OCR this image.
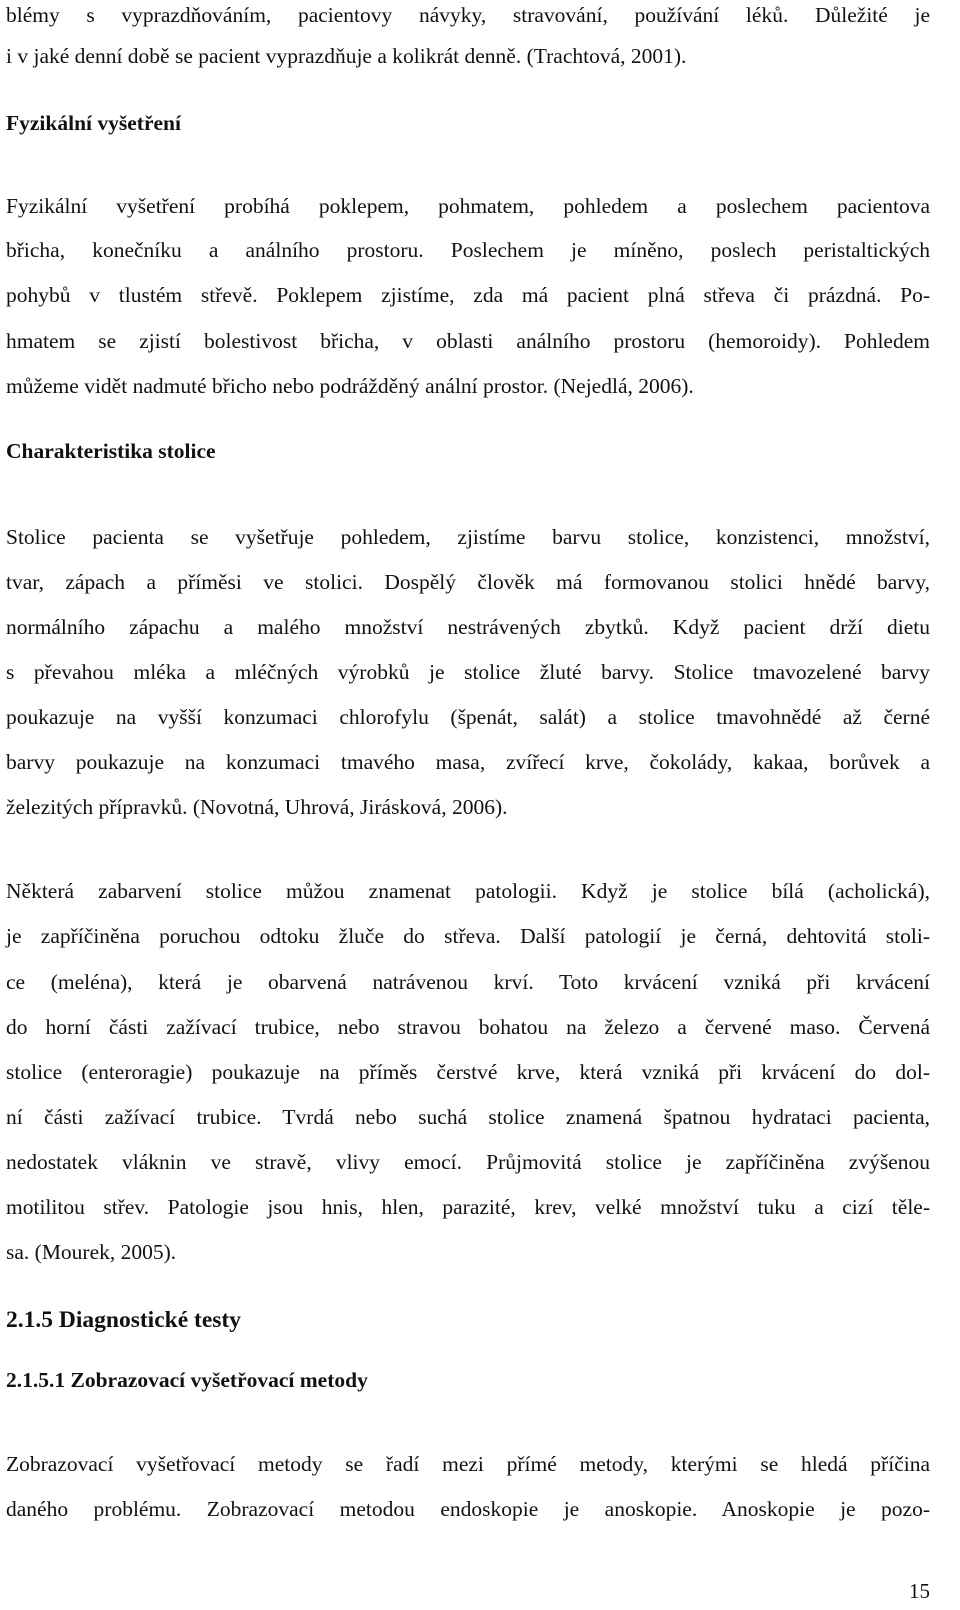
blémy s vyprazdňováním, pacientovy návyky, stravování, používání léků. Důležité je
i v jaké denní době se pacient vyprazdňuje a kolikrát denně. (Trachtová, 2001).
Fyzikální vyšetření
Fyzikální vyšetření probíhá poklepem, pohmatem, pohledem a poslechem pacientova
břicha, konečníku a análního prostoru. Poslechem je míněno, poslech peristaltických
pohybů v tlustém střevě. Poklepem zjistíme, zda má pacient plná střeva či prázdná. Po-
hmatem se zjistí bolestivost břicha, v oblasti análního prostoru (hemoroidy). Pohledem
můžeme vidět nadmuté břicho nebo podrážděný anální prostor. (Nejedlá, 2006).
Charakteristika stolice
Stolice pacienta se vyšetřuje pohledem, zjistíme barvu stolice, konzistenci, množství,
tvar, zápach a příměsi ve stolici. Dospělý člověk má formovanou stolici hnědé barvy,
normálního zápachu a malého množství nestrávených zbytků. Když pacient drží dietu
s převahou mléka a mléčných výrobků je stolice žluté barvy. Stolice tmavozelené barvy
poukazuje na vyšší konzumaci chlorofylu (špenát, salát) a stolice tmavohnědé až černé
barvy poukazuje na konzumaci tmavého masa, zvířecí krve, čokolády, kakaa, borůvek a
železitých přípravků. (Novotná, Uhrová, Jirásková, 2006).
Některá zabarvení stolice můžou znamenat patologii. Když je stolice bílá (acholická),
je zapříčiněna poruchou odtoku žluče do střeva. Další patologií je černá, dehtovitá stoli-
ce (meléna), která je obarvená natrávenou krví. Toto krvácení vzniká při krvácení
do horní části zažívací trubice, nebo stravou bohatou na železo a červené maso. Červená
stolice (enteroragie) poukazuje na příměs čerstvé krve, která vzniká při krvácení do dol-
ní části zažívací trubice. Tvrdá nebo suchá stolice znamená špatnou hydrataci pacienta,
nedostatek vláknin ve stravě, vlivy emocí. Průjmovitá stolice je zapříčiněna zvýšenou
motilitou střev. Patologie jsou hnis, hlen, parazité, krev, velké množství tuku a cizí těle-
sa. (Mourek, 2005).
2.1.5 Diagnostické testy
2.1.5.1 Zobrazovací vyšetřovací metody
Zobrazovací vyšetřovací metody se řadí mezi přímé metody, kterými se hledá příčina
daného problému. Zobrazovací metodou endoskopie je anoskopie. Anoskopie je pozo-
15
